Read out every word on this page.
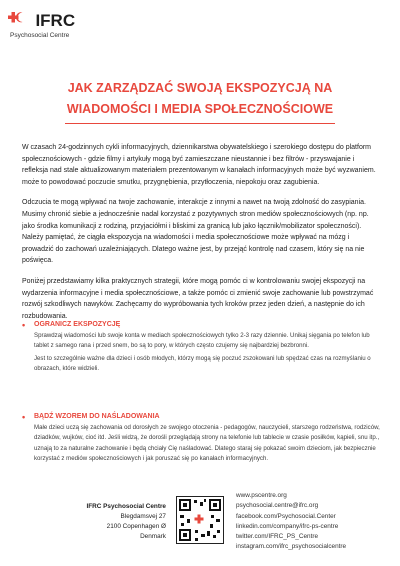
IFRC
Psychosocial Centre
JAK ZARZĄDZAĆ SWOJĄ EKSPOZYCJĄ NA
WIADOMOŚCI I MEDIA SPOŁECZNOŚCIOWE

W czasach 24-godzinnych cykli informacyjnych, dziennikarstwa obywatelskiego i szerokiego dostępu do platform społecznościowych - gdzie filmy i artykuły mogą być zamieszczane nieustannie i bez filtrów - przyswajanie i refleksja nad stale aktualizowanym materiałem prezentowanym w kanałach informacyjnych może być wyzwaniem. może to powodować poczucie smutku, przygnębienia, przytłoczenia, niepokoju oraz zagubienia.

Odczucia te mogą wpływać na twoje zachowanie, interakcje z innymi a nawet na twoją zdolność do zasypiania. Musimy chronić siebie a jednocześnie nadal korzystać z pozytywnych stron mediów społecznościowych (np. np. jako środka komunikacji z rodziną, przyjaciółmi i bliskimi za granicą lub jako łącznik/mobilizator społeczności). Należy pamiętać, że ciągła ekspozycja na wiadomości i media społecznościowe może wpływać na mózg i prowadzić do zachowań uzależniających. Dlatego ważne jest, by przejąć kontrolę nad czasem, który się na nie poświęca.

Poniżej przedstawiamy kilka praktycznych strategii, które mogą pomóc ci w kontrolowaniu swojej ekspozycji na wydarzenia informacyjne i media społecznościowe, a także pomóc ci zmienić swoje zachowanie lub powstrzymać rozwój szkodliwych nawyków. Zachęcamy do wypróbowania tych kroków przez jeden dzień, a następnie do ich rozbudowania.

• OGRANICZ EKSPOZYCJĘ

Sprawdzaj wiadomości lub swoje konta w mediach społecznościowych tylko 2-3 razy dziennie. Unikaj sięgania po telefon lub tablet z samego rana i przed snem, bo są to pory, w których często czujemy się najbardziej bezbronni.

Jest to szczególnie ważne dla dzieci i osób młodych, którzy mogą się poczuć zszokowani lub spędzać czas na rozmyślaniu o obrazach, które widzieli.

• BĄDŹ WZOREM DO NAŚLADOWANIA

Małe dzieci uczą się zachowania od dorosłych ze swojego otoczenia - pedagogów, nauczycieli, starszego rodzeństwa, rodziców, dziadków, wujków, cioć itd. Jeśli widzą, że dorośli przeglądają strony na telefonie lub tablecie w czasie posiłków, kąpieli, snu itp., uznają to za naturalne zachowanie i będą chciały Cię naśladować. Dlatego staraj się pokazać swoim dzieciom, jak bezpiecznie korzystać z mediów społecznościowych i jak poruszać się po kanałach informacyjnych.

IFRC Psychosocial Centre
Blegdamsvej 27
2100 Copenhagen Ø
Denmark
www.pscentre.org
psychosocial.centre@ifrc.org
facebook.com/Psychosocial.Center
linkedin.com/company/ifrc-ps-centre
twitter.com/IFRC_PS_Centre
instagram.com/ifrc_psychosocialcentre
